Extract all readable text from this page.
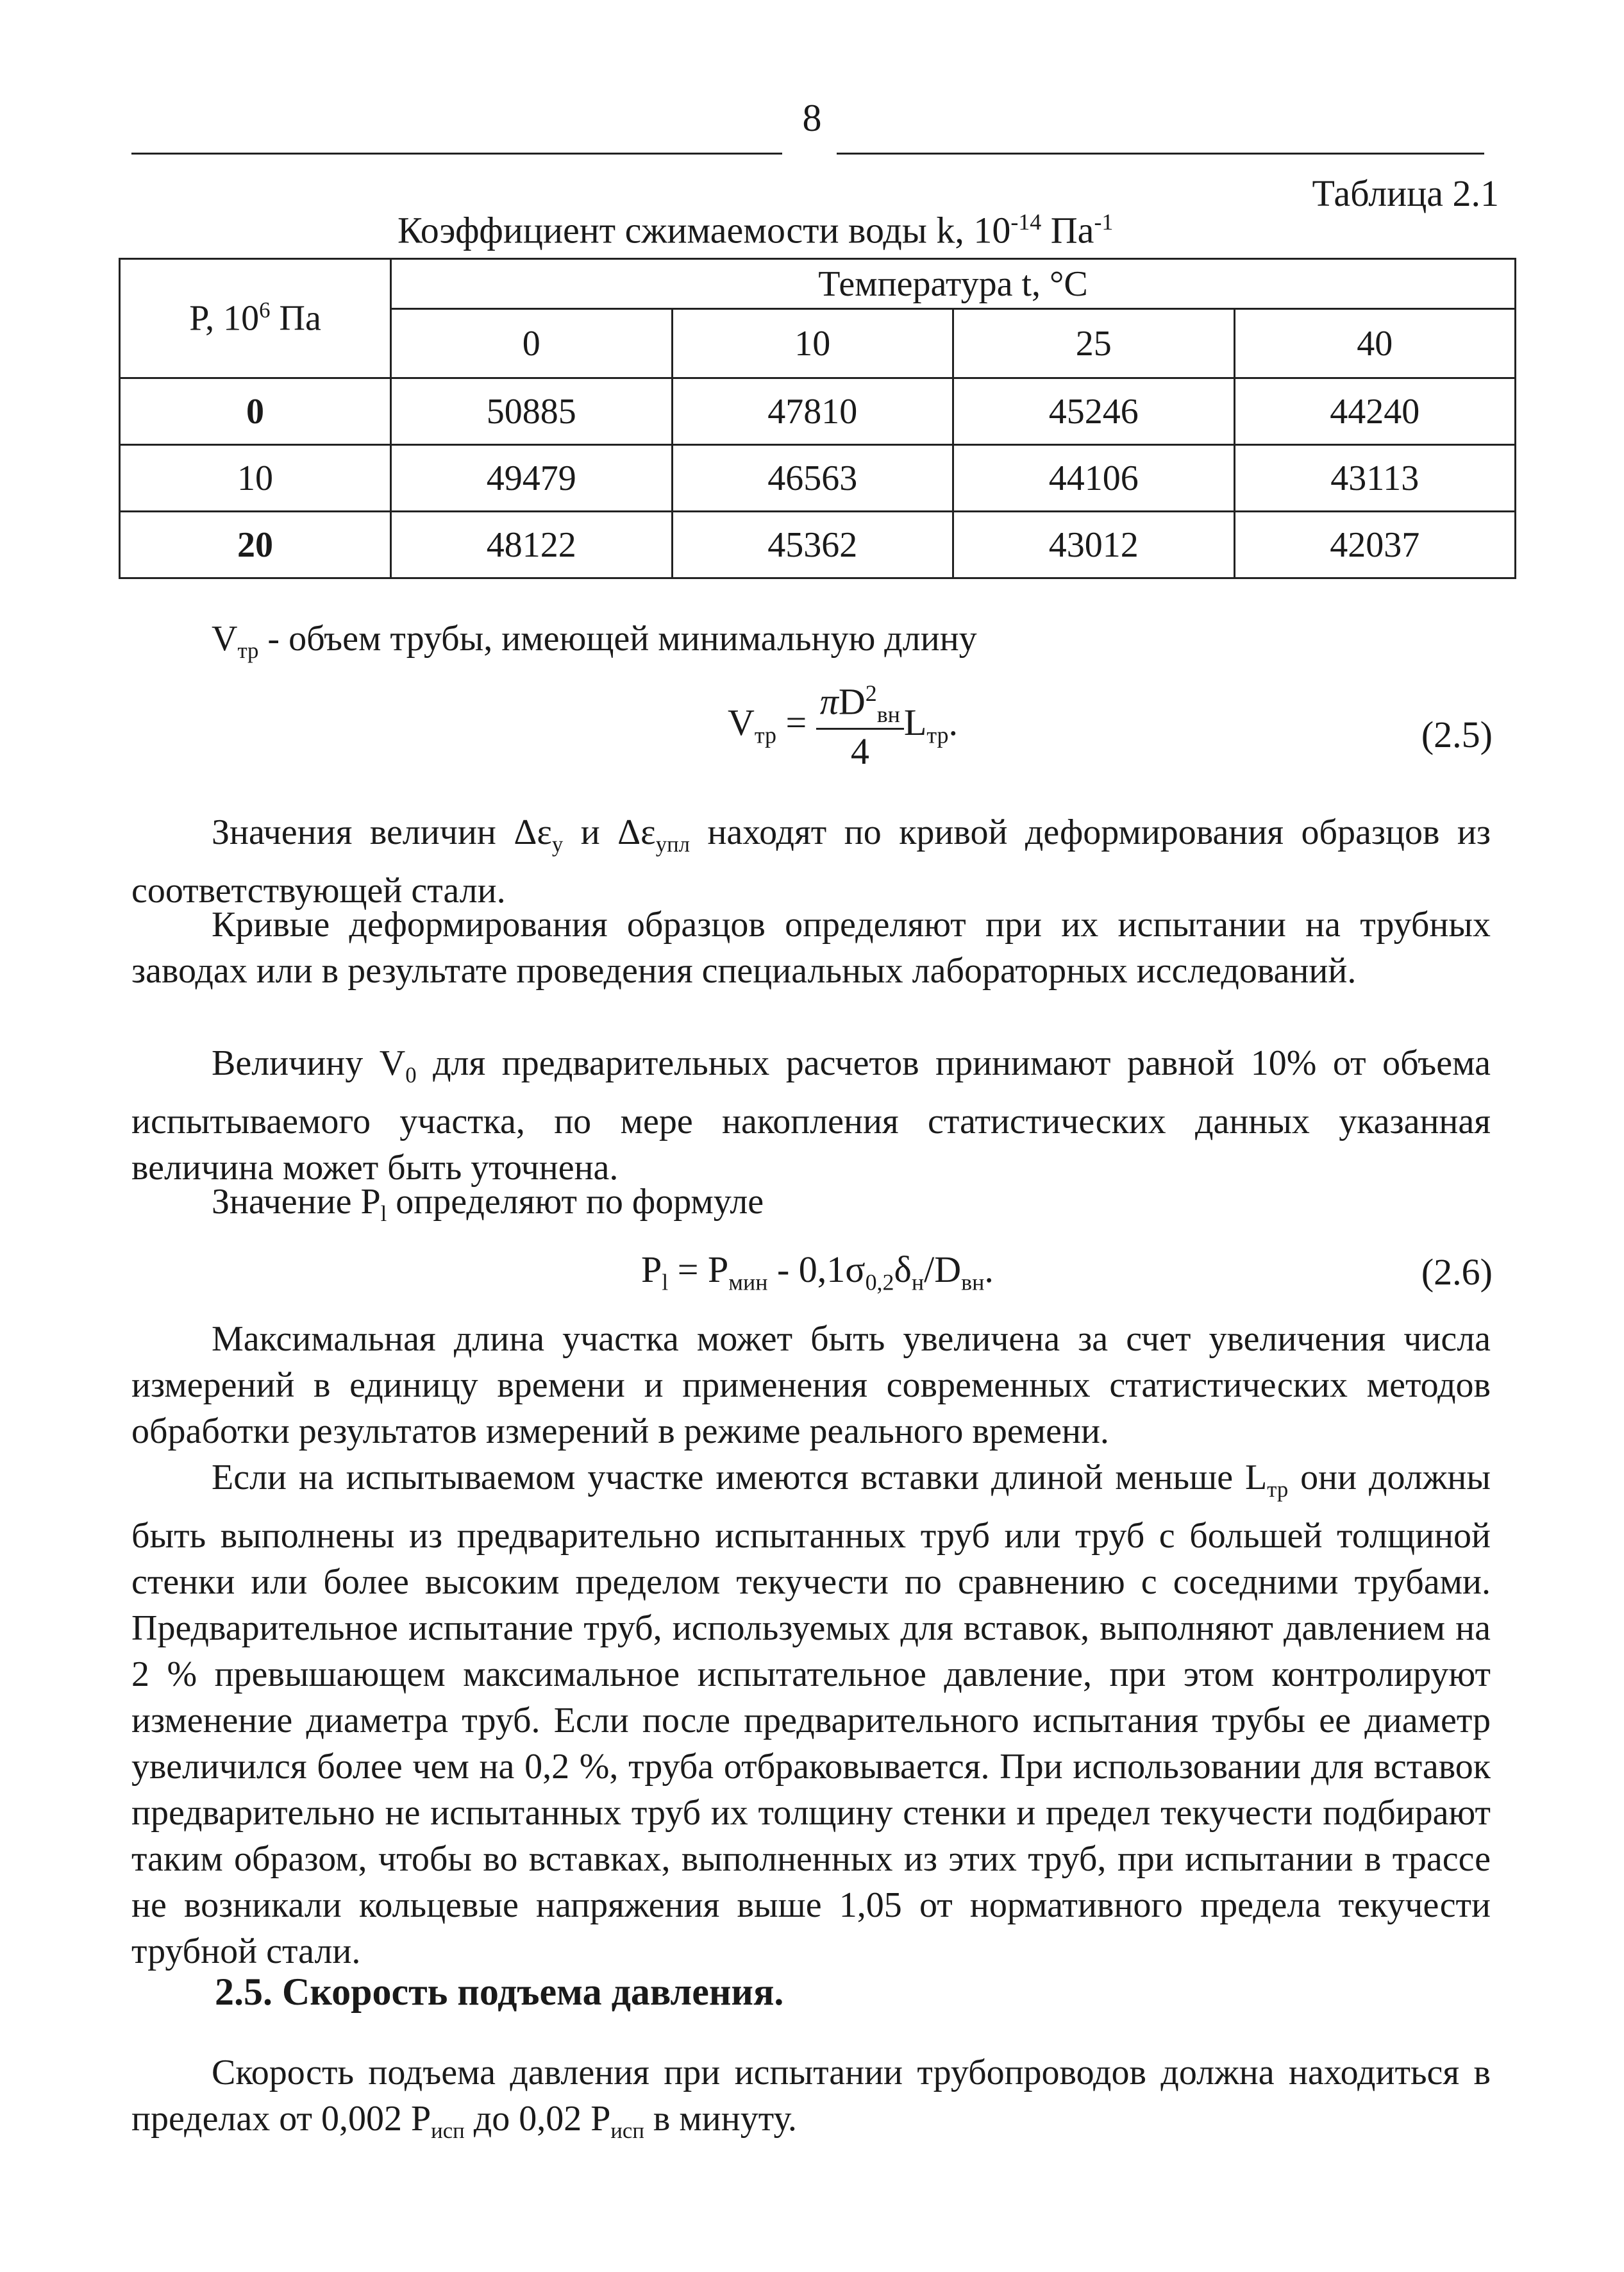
8
Таблица 2.1
Коэффициент сжимаемости воды k, $10^{-14}$ $Па^{-1}$
P, $10^6$ Па	Температура t, °C			
	0	10	25	40
0	50885	47810	45246	44240
10	49479	46563	44106	43113
20	48122	45362	43012	42037

$V_{тр}$ - объем трубы, имеющей минимальную длину

$V_{тр} = \frac{\pi D^2_{вн}}{4} L_{тр}$.	(2.5)

Значения величин $\Delta\varepsilon_у$ и $\Delta\varepsilon_{упл}$ находят по кривой деформирования образцов из соответствующей стали.

Кривые деформирования образцов определяют при их испытании на трубных заводах или в результате проведения специальных лабораторных исследований.

Величину $V_0$ для предварительных расчетов принимают равной 10% от объема испытываемого участка, по мере накопления статистических данных указанная величина может быть уточнена.

Значение $P_l$ определяют по формуле

$P_l = P_{мин} - 0,1\sigma_{0,2}\delta_н/D_{вн}$.	(2.6)

Максимальная длина участка может быть увеличена за счет увеличения числа измерений в единицу времени и применения современных статистических методов обработки результатов измерений в режиме реального времени.

Если на испытываемом участке имеются вставки длиной меньше $L_{тр}$ они должны быть выполнены из предварительно испытанных труб или труб с большей толщиной стенки или более высоким пределом текучести по сравнению с соседними трубами. Предварительное испытание труб, используемых для вставок, выполняют давлением на 2 % превышающем максимальное испытательное давление, при этом контролируют изменение диаметра труб. Если после предварительного испытания трубы ее диаметр увеличился более чем на 0,2 %, труба отбраковывается. При использовании для вставок предварительно не испытанных труб их толщину стенки и предел текучести подбирают таким образом, чтобы во вставках, выполненных из этих труб, при испытании в трассе не возникали кольцевые напряжения выше 1,05 от нормативного предела текучести трубной стали.

2.5. Скорость подъема давления.

Скорость подъема давления при испытании трубопроводов должна находиться в пределах от 0,002 $P_{исп}$ до 0,02 $P_{исп}$ в минуту.
